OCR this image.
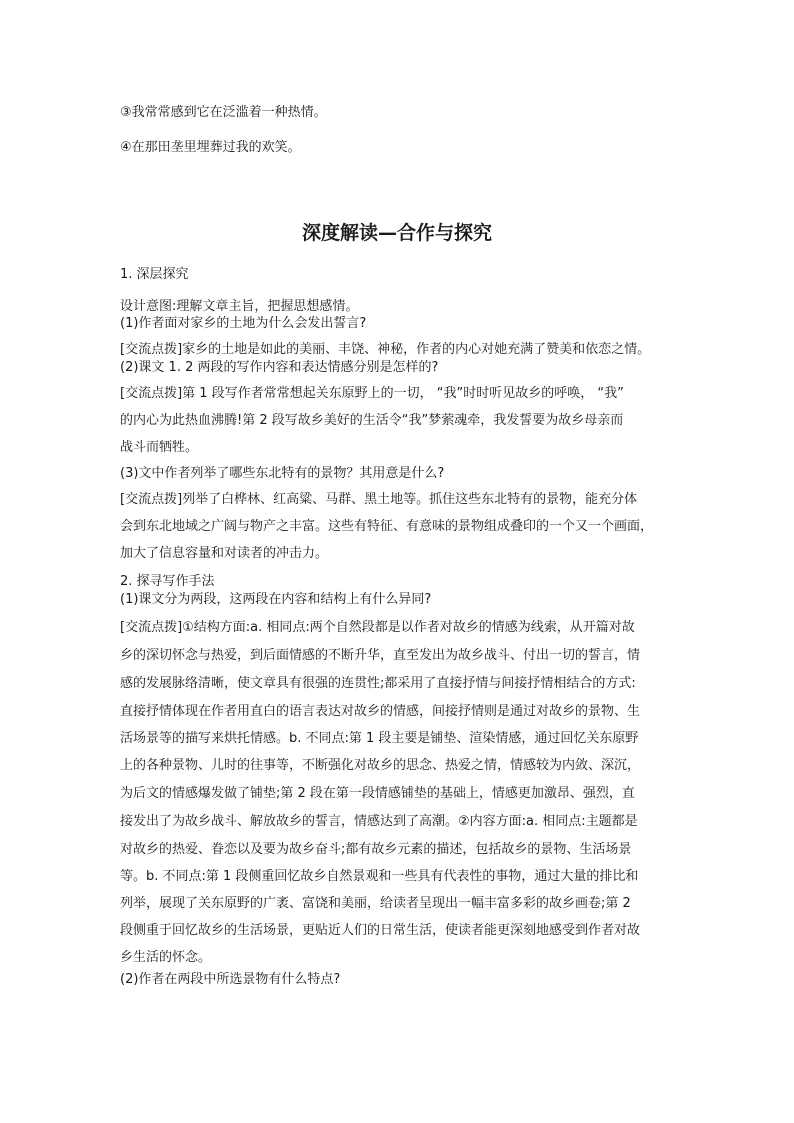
③我常常感到它在泛滥着一种热情。
④在那田垄里埋葬过我的欢笑。
深度解读—合作与探究
1. 深层探究
设计意图:理解文章主旨，把握思想感情。
(1)作者面对家乡的土地为什么会发出誓言?
[交流点拨]家乡的土地是如此的美丽、丰饶、神秘，作者的内心对她充满了赞美和依恋之情。
(2)课文 1. 2 两段的写作内容和表达情感分别是怎样的?
[交流点拨]第 1 段写作者常常想起关东原野上的一切， “我”时时听见故乡的呼唤， “我”
的内心为此热血沸腾!第 2 段写故乡美好的生活令“我”梦萦魂牵，我发誓要为故乡母亲而
战斗而牺牲。
(3)文中作者列举了哪些东北特有的景物？其用意是什么?
[交流点拨]列举了白桦林、红高粱、马群、黑土地等。抓住这些东北特有的景物，能充分体
会到东北地域之广阔与物产之丰富。这些有特征、有意味的景物组成叠印的一个又一个画面，
加大了信息容量和对读者的冲击力。
2. 探寻写作手法
(1)课文分为两段，这两段在内容和结构上有什么异同?
[交流点拨]①结构方面:a. 相同点:两个自然段都是以作者对故乡的情感为线索，从开篇对故
乡的深切怀念与热爱，到后面情感的不断升华，直至发出为故乡战斗、付出一切的誓言，情
感的发展脉络清晰，使文章具有很强的连贯性;都采用了直接抒情与间接抒情相结合的方式:
直接抒情体现在作者用直白的语言表达对故乡的情感，间接抒情则是通过对故乡的景物、生
活场景等的描写来烘托情感。b. 不同点:第 1 段主要是铺垫、渲染情感，通过回忆关东原野
上的各种景物、儿时的往事等，不断强化对故乡的思念、热爱之情，情感较为内敛、深沉，
为后文的情感爆发做了铺垫;第 2 段在第一段情感铺垫的基础上，情感更加激昂、强烈，直
接发出了为故乡战斗、解放故乡的誓言，情感达到了高潮。②内容方面:a. 相同点:主题都是
对故乡的热爱、眷恋以及要为故乡奋斗;都有故乡元素的描述，包括故乡的景物、生活场景
等。b. 不同点:第 1 段侧重回忆故乡自然景观和一些具有代表性的事物，通过大量的排比和
列举，展现了关东原野的广袤、富饶和美丽，给读者呈现出一幅丰富多彩的故乡画卷;第 2
段侧重于回忆故乡的生活场景，更贴近人们的日常生活，使读者能更深刻地感受到作者对故
乡生活的怀念。
(2)作者在两段中所选景物有什么特点?
